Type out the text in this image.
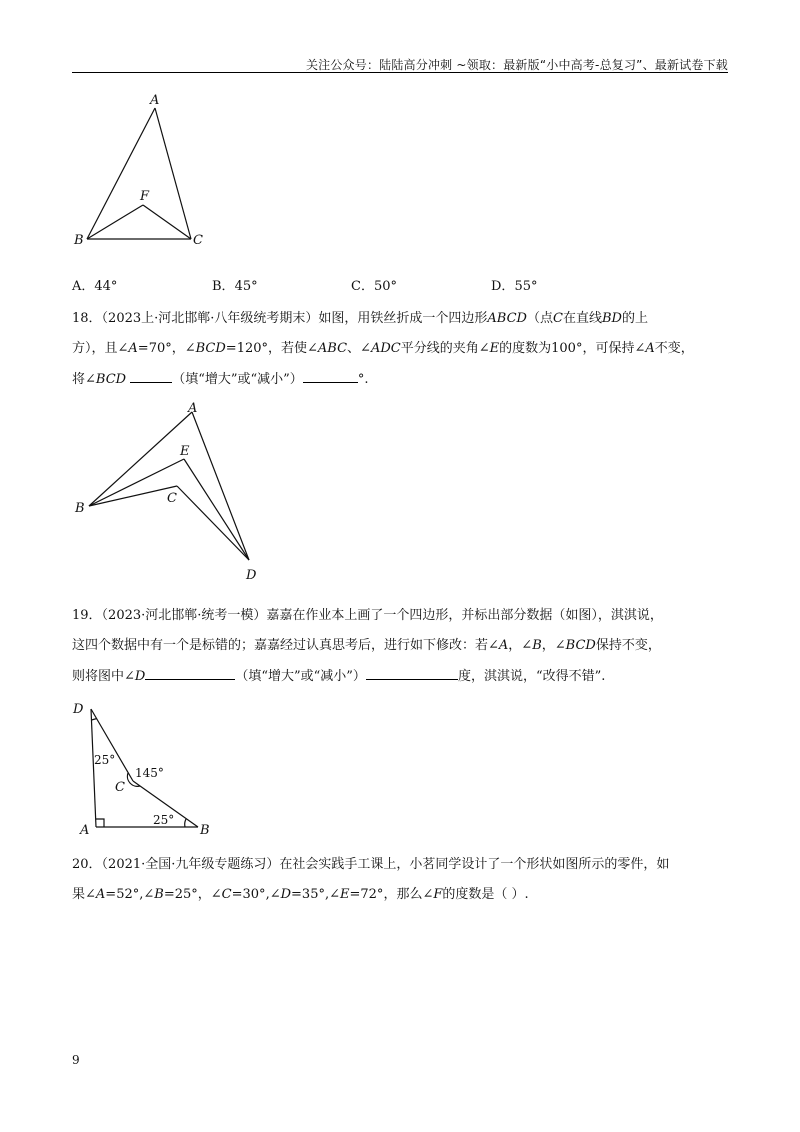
关注公众号：陆陆高分冲刺 ~领取：最新版“小中高考-总复习”、最新试卷下载
A
B	C
F
A．44°	B．45°	C．50°	D．55°
18．（2023上·河北邯郸·八年级统考期末）如图，用铁丝折成一个四边形ABCD（点C在直线BD的上
方），且∠A=70°，∠BCD=120°，若使∠ABC、∠ADC平分线的夹角∠E的度数为100°，可保持∠A不变，
将∠BCD	（填“增大”或“减小”）	°.
A
B
C
E
D
19．（2023·河北邯郸·统考一模）嘉嘉在作业本上画了一个四边形，并标出部分数据（如图），淇淇说，
这四个数据中有一个是标错的；嘉嘉经过认真思考后，进行如下修改：若∠A，∠B，∠BCD保持不变，
则将图中∠D	（填“增大”或“减小”）	度，淇淇说，“改得不错”.
D
A	B
C
25°
145°
25°
20．（2021·全国·九年级专题练习）在社会实践手工课上，小茗同学设计了一个形状如图所示的零件，如
果∠A=52°,∠B=25°，∠C=30°,∠D=35°,∠E=72°，那么∠F的度数是（ ）.
9
